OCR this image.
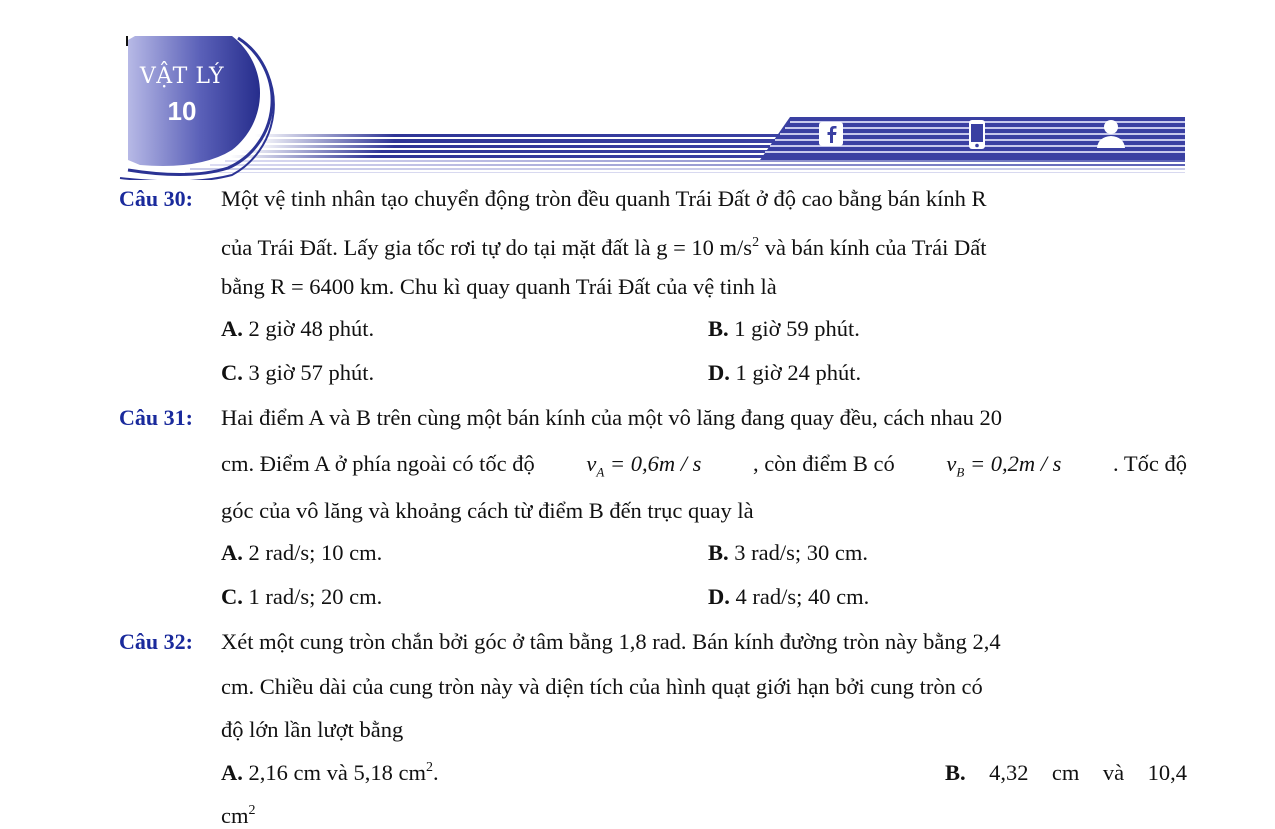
VẬT LÝ
10
Câu 30: Một vệ tinh nhân tạo chuyển động tròn đều quanh Trái Đất ở độ cao bằng bán kính R
của Trái Đất. Lấy gia tốc rơi tự do tại mặt đất là g = 10 $m/s^2$ và bán kính của Trái Dất
bằng R = 6400 km. Chu kì quay quanh Trái Đất của vệ tinh là
A. 2 giờ 48 phút.	B. 1 giờ 59 phút.
C. 3 giờ 57 phút.	D. 1 giờ 24 phút.
Câu 31: Hai điểm A và B trên cùng một bán kính của một vô lăng đang quay đều, cách nhau 20
cm. Điểm A ở phía ngoài có tốc độ $v_A = 0,6m / s$ , còn điểm B có $v_B = 0,2m / s$ . Tốc độ
góc của vô lăng và khoảng cách từ điểm B đến trục quay là
A. 2 rad/s; 10 cm.	B. 3 rad/s; 30 cm.
C. 1 rad/s; 20 cm.	D. 4 rad/s; 40 cm.
Câu 32: Xét một cung tròn chắn bởi góc ở tâm bằng 1,8 rad. Bán kính đường tròn này bằng 2,4
cm. Chiều dài của cung tròn này và diện tích của hình quạt giới hạn bởi cung tròn có
độ lớn lần lượt bằng
A. 2,16 cm và 5,18 $cm^2$.	B. 4,32 cm và 10,4
$cm^2$
